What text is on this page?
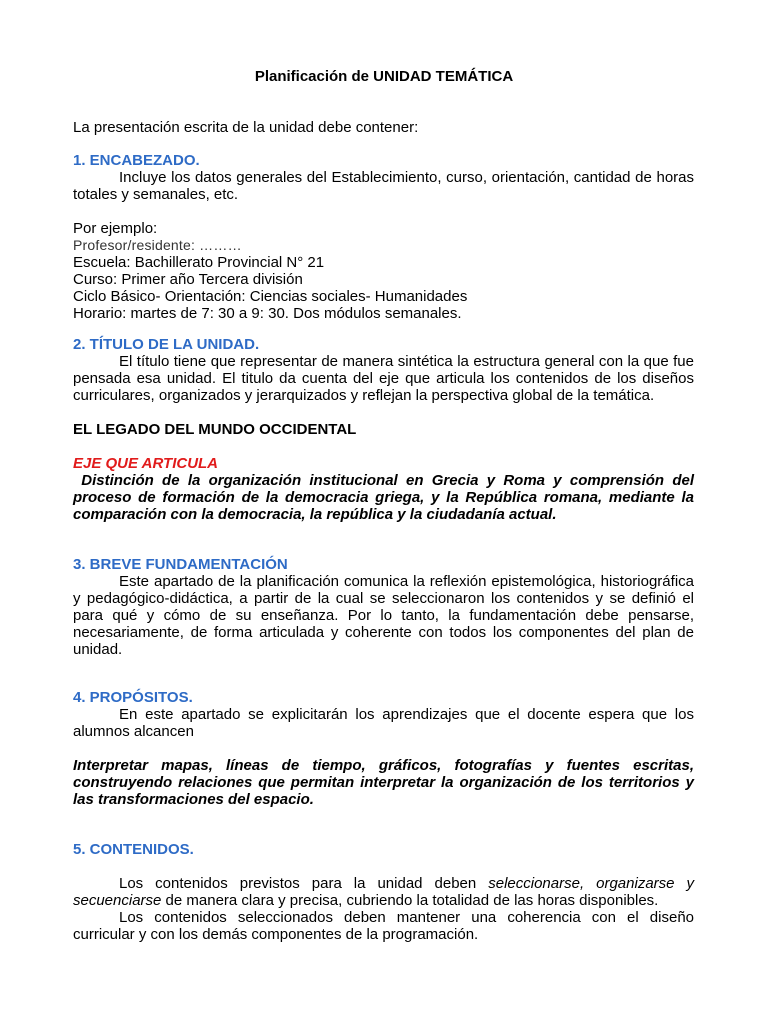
Planificación de UNIDAD TEMÁTICA

La presentación escrita de la unidad debe contener:

1. ENCABEZADO.

Incluye los datos generales del Establecimiento, curso, orientación, cantidad de horas totales y semanales, etc.

Por ejemplo:
Profesor/residente: ………
Escuela: Bachillerato Provincial N° 21
Curso: Primer año Tercera división
Ciclo Básico- Orientación: Ciencias sociales- Humanidades
Horario: martes de 7: 30 a 9: 30. Dos módulos semanales.

2. TÍTULO DE LA UNIDAD.

El título tiene que representar de manera sintética la estructura general con la que fue pensada esa unidad. El titulo da cuenta del eje que articula los contenidos de los diseños curriculares, organizados y jerarquizados y reflejan la perspectiva global de la temática.

EL LEGADO DEL MUNDO OCCIDENTAL

EJE QUE ARTICULA

Distinción de la organización institucional en Grecia y Roma y comprensión del proceso de formación de la democracia griega, y la República romana, mediante la comparación con la democracia, la república y la ciudadanía actual.

3. BREVE FUNDAMENTACIÓN

Este apartado de la planificación comunica la reflexión epistemológica, historiográfica y pedagógico-didáctica, a partir de la cual se seleccionaron los contenidos y se definió el para qué y cómo de su enseñanza. Por lo tanto, la fundamentación debe pensarse, necesariamente, de forma articulada y coherente con todos los componentes del plan de unidad.

4. PROPÓSITOS.

En este apartado se explicitarán los aprendizajes que el docente espera que los alumnos alcancen

Interpretar mapas, líneas de tiempo, gráficos, fotografías y fuentes escritas, construyendo relaciones que permitan interpretar la organización de los territorios y las transformaciones del espacio.

5. CONTENIDOS.

Los contenidos previstos para la unidad deben seleccionarse, organizarse y secuenciarse de manera clara y precisa, cubriendo la totalidad de las horas disponibles.

Los contenidos seleccionados deben mantener una coherencia con el diseño curricular y con los demás componentes de la programación.
